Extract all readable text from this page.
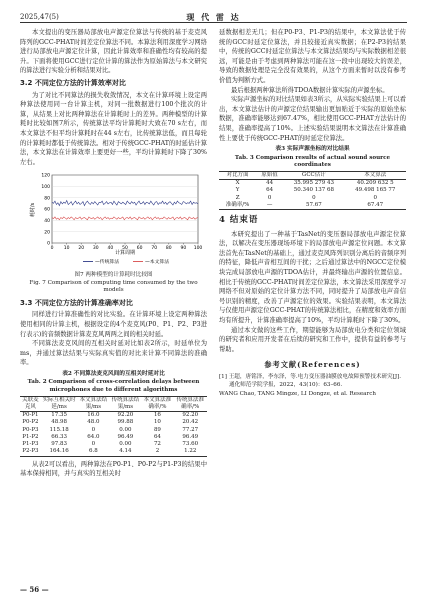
2025,47(5)	现 代 雷 达

本文提出的变压器局部放电声源定位算法与传统的基于麦克风阵列的GCC-PHAT时间差定位算法不同。本算法利用深度学习网络进行局部放电声源定位计算，因此计算效率和准确性均有较高的提升。下面将使用GCC进行定位计算的算法作为原始算法与本文研究的算法进行实验分析和结果对比。

3.2 不同定位方法的计算效率对比

为了对比不同算法的损失收敛情况，本文在计算环境上设定两种算法使用同一台计算主机，对同一批数据进行100个批次的计算，从结果上对比两种算法在计算耗时上的差异。两种模型的计算耗时比较如图7所示，传统算法平均计算耗时大致在70 s左右，而本文算法不但平均计算耗时在44 s左右，比传统算法低，而且每轮的计算耗时都低于传统算法。相对于传统GCC-PHAT的时延估计算法，本文算法在计算效率上要更好一些，平均计算耗时下降了30%左右。

0
20
40
60
80
100
120
0 10 20 30 40 50 60 70 80 90 100
耗时/s
计算周期
—传统算法	—本文算法
图7 两种模型的计算耗时比较图
Fig. 7 Comparison of computing time consumed by the two models
3.3 不同定位方法的计算准确率对比

同样进行计算准确性的对比实验。在计算环境上设定两种算法使用相同的计算主机，根据设定的4个麦克风(P0、P1、P2、P3进行表示)的音频数据计算麦克风两两之间的相关时延。

不同算法麦克风间的互相关时延对比如表2所示，时延单位为ms，并通过算法结果与实际真实值的对比来计算不同算法的准确率。

表2 不同算法麦克风间的互相关时延对比
Tab. 2 Comparison of cross-correlation delays between
microphones due to different algorithms
关联麦克风	实际互相关时延/ms	本文算法结果/ms	传统算法结果/ms	本文算法准确率/%	传统算法准确率/%
P0-P1	17.35	16.0	92.20	16	92.20
P0-P2	48.98	48.0	99.88	10	20.42
P0-P3	115.18	0	0.00	89	77.27
P1-P2	66.33	64.0	96.49	64	96.49
P1-P3	97.83	0	0.00	72	73.60
P2-P3	164.16	6.8	4.14	2	1.22

从表2可以看出，两种算法在P0-P1、P0-P2与P1-P3的结果中基本保持相同，并与真实的互相关时

延数据相差无几；但在P0-P3、P1-P3的结果中，本文算法优于传统的GCC时延定位算法，并且较接近真实数据；在P2-P3的结果中，传统的GCC时延定位算法与本文算法结果均与实际数据相差很远，可能是由于考虑到两种算法可能在这一段中出现较大的误差，导致的数据处理是完全没有效果的，从这个方面来暂时以没有参考价值为判断方式。

最后根据两种算法所得TDOA数据计算实际的声源坐标。

实际声源坐标的对比结果如表3所示，从实际实验结果上可以看出，本文算法估计的声源定位结果输出更加贴近于实际的原始坐标数据，准确率能够达到67.47%，相比使用GCC-PHAT方法估计的结果，准确率提高了10%。上述实验结果说明本文算法在计算准确性上要优于传统GCC-PHAT的时延定位算法。

表3 实际声源坐标的对比结果
Tab. 3 Comparison results of actual sound source coordinates
对比方面	原始值	GCC估计	本文算法
X	44	35.995 279 43	40.209 632 5
Y	64	50.340 137 68	49.498 165 77
Z	0	0	0
准确率/%	—	57.67	67.47
4 结束语

本研究提出了一种基于TasNet的变压器局部放电声源定位算法，以解决在变压器现场环境下的局部放电声源定位问题。本文算法首先在TasNet的基础上，通过麦克风阵列识别分离后的音频序列的特征，降低声音相互间的干扰；之后通过算法中的NGCC定位模块完成局部放电声源的TDOA估计，并最终输出声源的位置信息。相比于传统的GCC-PHAT时间差定位算法，本文算法采用深度学习网络不但对原始的定位计算方法不同，同时提升了局部放电声音信号识别的精度，改善了声源定位的效果。实验结果表明，本文算法与仅使用声源定位GCC-PHAT的传统算法相比，在精度和效率方面均有所提升，计算准确率提高了10%，平均计算耗时下降了30%。

通过本文做的这些工作，期望能够为局部放电分类和定位领域的研究者和应用开发者在后续的研究和工作中，提供有益的参考与帮助。

参考文献(References)
[1] 王超，唐铭泽，李东泽，等.电力变压器油膜放电故障预警技术研究[J].通化师范学院学报，2022，43(10)：63–66.
WANG Chao, TANG Mingze, LI Dongze, et al. Research
— 56 —
